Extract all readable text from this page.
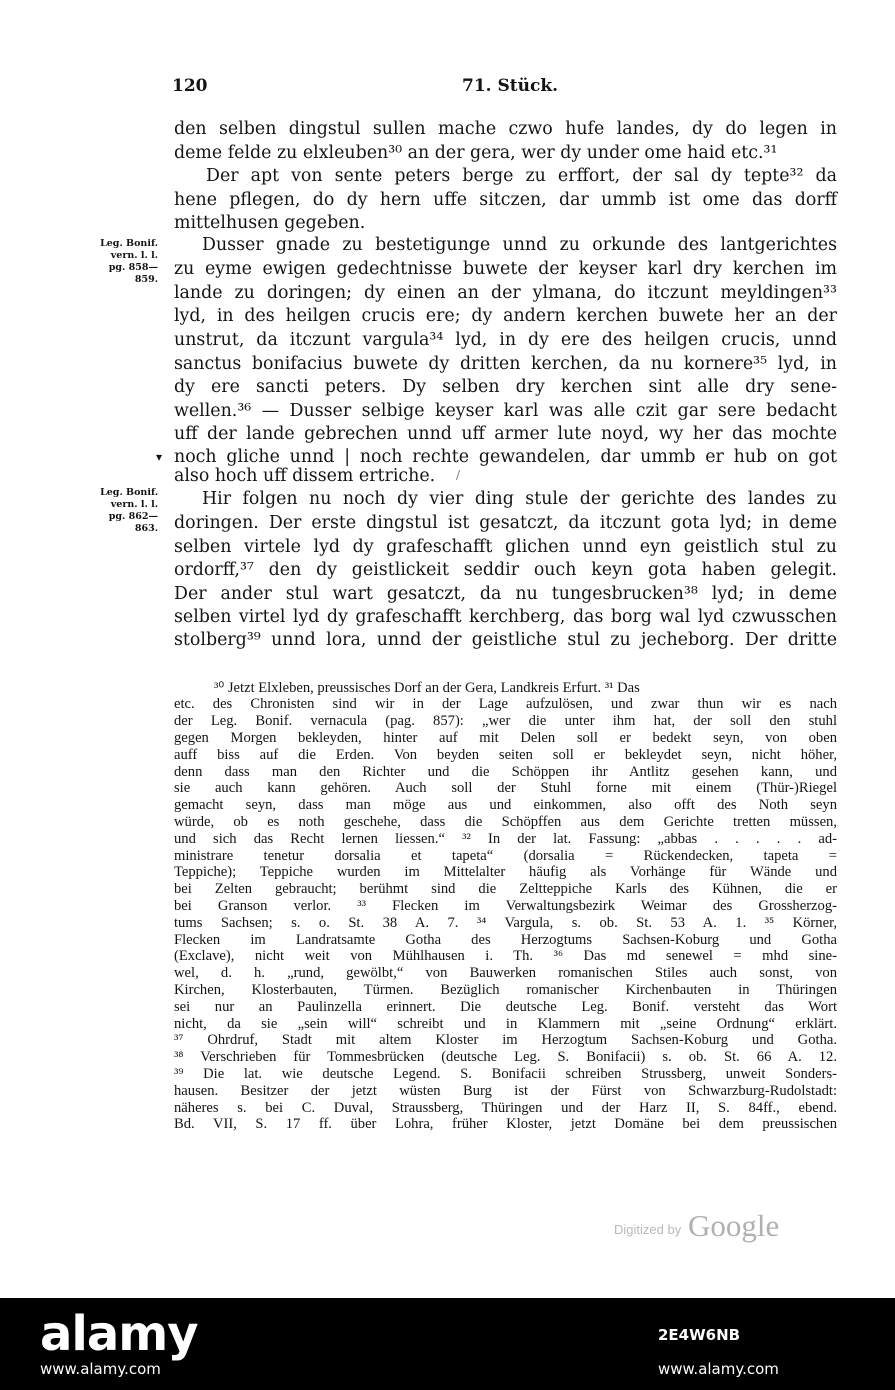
120	71. Stück.
den selben dingstul sullen mache czwo hufe landes, dy do legen in
deme felde zu elxleuben³⁰ an der gera, wer dy under ome haid etc.³¹
Der apt von sente peters berge zu erffort, der sal dy tepte³² da
hene pflegen, do dy hern uffe sitczen, dar ummb ist ome das dorff
mittelhusen gegeben.
Dusser gnade zu bestetigunge unnd zu orkunde des lantgerichtes
zu eyme ewigen gedechtnisse buwete der keyser karl dry kerchen im
lande zu doringen; dy einen an der ylmana, do itczunt meyldingen³³
lyd, in des heilgen crucis ere; dy andern kerchen buwete her an der
unstrut, da itczunt vargula³⁴ lyd, in dy ere des heilgen crucis, unnd
sanctus bonifacius buwete dy dritten kerchen, da nu kornere³⁵ lyd, in
dy ere sancti peters. Dy selben dry kerchen sint alle dry sene-
wellen.³⁶ — Dusser selbige keyser karl was alle czit gar sere bedacht
uff der lande gebrechen unnd uff armer lute noyd, wy her das mochte
noch gliche unnd | noch rechte gewandelen, dar ummb er hub on got
also hoch uff dissem ertriche.
Hir folgen nu noch dy vier ding stule der gerichte des landes zu
doringen. Der erste dingstul ist gesatczt, da itczunt gota lyd; in deme
selben virtele lyd dy grafeschafft glichen unnd eyn geistlich stul zu
ordorff,³⁷ den dy geistlickeit seddir ouch keyn gota haben gelegit.
Der ander stul wart gesatczt, da nu tungesbrucken³⁸ lyd; in deme
selben virtel lyd dy grafeschafft kerchberg, das borg wal lyd czwusschen
stolberg³⁹ unnd lora, unnd der geistliche stul zu jecheborg. Der dritte
Leg. Bonif.
vern. l. l.
pg. 858—
859.
Leg. Bonif.
vern. l. l.
pg. 862—
863.
▾
/
³⁰ Jetzt Elxleben, preussisches Dorf an der Gera, Landkreis Erfurt. ³¹ Das
etc. des Chronisten sind wir in der Lage aufzulösen, und zwar thun wir es nach
der Leg. Bonif. vernacula (pag. 857): „wer die unter ihm hat, der soll den stuhl
gegen Morgen bekleyden, hinter auf mit Delen soll er bedekt seyn, von oben
auff biss auf die Erden. Von beyden seiten soll er bekleydet seyn, nicht höher,
denn dass man den Richter und die Schöppen ihr Antlitz gesehen kann, und
sie auch kann gehören. Auch soll der Stuhl forne mit einem (Thür-)Riegel
gemacht seyn, dass man möge aus und einkommen, also offt des Noth seyn
würde, ob es noth geschehe, dass die Schöpffen aus dem Gerichte tretten müssen,
und sich das Recht lernen liessen.“ ³² In der lat. Fassung: „abbas . . . . . ad-
ministrare tenetur dorsalia et tapeta“ (dorsalia = Rückendecken, tapeta =
Teppiche); Teppiche wurden im Mittelalter häufig als Vorhänge für Wände und
bei Zelten gebraucht; berühmt sind die Zeltteppiche Karls des Kühnen, die er
bei Granson verlor. ³³ Flecken im Verwaltungsbezirk Weimar des Grossherzog-
tums Sachsen; s. o. St. 38 A. 7. ³⁴ Vargula, s. ob. St. 53 A. 1. ³⁵ Körner,
Flecken im Landratsamte Gotha des Herzogtums Sachsen-Koburg und Gotha
(Exclave), nicht weit von Mühlhausen i. Th. ³⁶ Das md senewel = mhd sine-
wel, d. h. „rund, gewölbt,“ von Bauwerken romanischen Stiles auch sonst, von
Kirchen, Klosterbauten, Türmen. Bezüglich romanischer Kirchenbauten in Thüringen
sei nur an Paulinzella erinnert. Die deutsche Leg. Bonif. versteht das Wort
nicht, da sie „sein will“ schreibt und in Klammern mit „seine Ordnung“ erklärt.
³⁷ Ohrdruf, Stadt mit altem Kloster im Herzogtum Sachsen-Koburg und Gotha.
³⁸ Verschrieben für Tommesbrücken (deutsche Leg. S. Bonifacii) s. ob. St. 66 A. 12.
³⁹ Die lat. wie deutsche Legend. S. Bonifacii schreiben Strussberg, unweit Sonders-
hausen. Besitzer der jetzt wüsten Burg ist der Fürst von Schwarzburg-Rudolstadt:
näheres s. bei C. Duval, Straussberg, Thüringen und der Harz II, S. 84ff., ebend.
Bd. VII, S. 17 ff. über Lohra, früher Kloster, jetzt Domäne bei dem preussischen
Digitized by Google
alamy
www.alamy.com
2E4W6NB
www.alamy.com
